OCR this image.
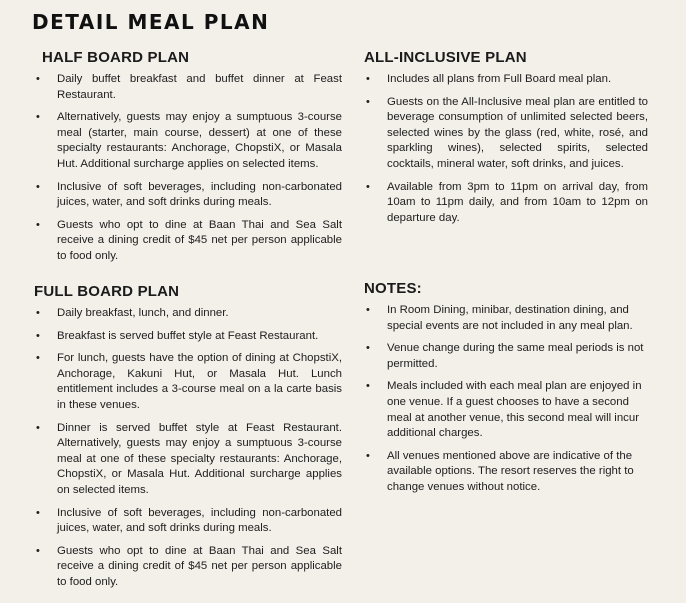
DETAIL MEAL PLAN
HALF BOARD PLAN
• Daily buffet breakfast and buffet dinner at Feast Restaurant.
• Alternatively, guests may enjoy a sumptuous 3-course meal (starter, main course, dessert) at one of these specialty restaurants: Anchorage, ChopstiX, or Masala Hut. Additional surcharge applies on selected items.
• Inclusive of soft beverages, including non-carbonated juices, water, and soft drinks during meals.
• Guests who opt to dine at Baan Thai and Sea Salt receive a dining credit of $45 net per person applicable to food only.
FULL BOARD PLAN
• Daily breakfast, lunch, and dinner.
• Breakfast is served buffet style at Feast Restaurant.
• For lunch, guests have the option of dining at ChopstiX, Anchorage, Kakuni Hut, or Masala Hut. Lunch entitlement includes a 3-course meal on a la carte basis in these venues.
• Dinner is served buffet style at Feast Restaurant. Alternatively, guests may enjoy a sumptuous 3-course meal at one of these specialty restaurants: Anchorage, ChopstiX, or Masala Hut. Additional surcharge applies on selected items.
• Inclusive of soft beverages, including non-carbonated juices, water, and soft drinks during meals.
• Guests who opt to dine at Baan Thai and Sea Salt receive a dining credit of $45 net per person applicable to food only.
ALL-INCLUSIVE PLAN
• Includes all plans from Full Board meal plan.
• Guests on the All-Inclusive meal plan are entitled to beverage consumption of unlimited selected beers, selected wines by the glass (red, white, rosé, and sparkling wines), selected spirits, selected cocktails, mineral water, soft drinks, and juices.
• Available from 3pm to 11pm on arrival day, from 10am to 11pm daily, and from 10am to 12pm on departure day.
NOTES:
• In Room Dining, minibar, destination dining, and special events are not included in any meal plan.
• Venue change during the same meal periods is not permitted.
• Meals included with each meal plan are enjoyed in one venue. If a guest chooses to have a second meal at another venue, this second meal will incur additional charges.
• All venues mentioned above are indicative of the available options. The resort reserves the right to change venues without notice.
